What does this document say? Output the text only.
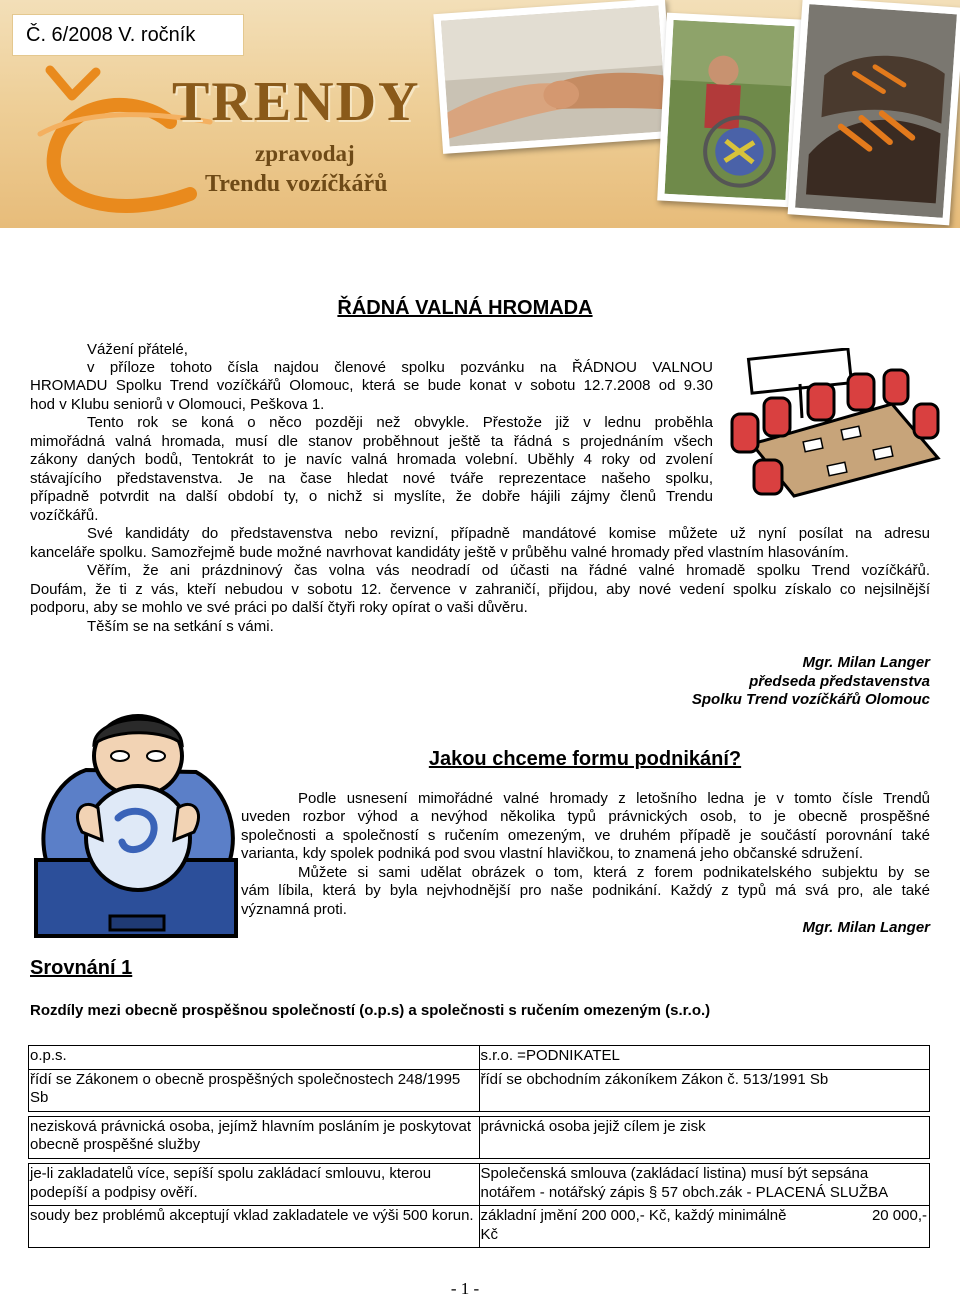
TRENDY
zpravodaj
Trendu vozíčkářů
Č. 6/2008 V. ročník
ŘÁDNÁ VALNÁ HROMADA
Vážení přátelé,
v příloze tohoto čísla najdou členové spolku pozvánku na ŘÁDNOU VALNOU
HROMADU Spolku Trend vozíčkářů Olomouc, která se bude konat v sobotu 12.7.2008 od 9.30
hod v Klubu seniorů v Olomouci, Peškova 1.
Tento rok se koná o něco později než obvykle. Přestože již v lednu proběhla
mimořádná valná hromada, musí dle stanov proběhnout ještě ta řádná s projednáním všech
zákony daných bodů, Tentokrát to je navíc valná hromada volební. Uběhly 4 roky od zvolení
stávajícího představenstva. Je na čase hledat nové tváře reprezentace našeho spolku,
případně potvrdit na další období ty, o nichž si myslíte, že dobře hájili zájmy členů Trendu
vozíčkářů.
Své kandidáty do představenstva nebo revizní, případně mandátové komise můžete už nyní posílat na adresu
kanceláře spolku. Samozřejmě bude možné navrhovat kandidáty ještě v průběhu valné hromady před vlastním hlasováním.
Věřím, že ani prázdninový čas volna vás neodradí od účasti na řádné valné hromadě spolku Trend vozíčkářů.
Doufám, že ti z vás, kteří nebudou v sobotu 12. července v zahraničí, přijdou, aby nové vedení spolku získalo co nejsilnější
podporu, aby se mohlo ve své práci po další čtyři roky opírat o vaši důvěru.
Těším se na setkání s vámi.
Mgr. Milan Langer
předseda představenstva
Spolku Trend vozíčkářů Olomouc
Jakou chceme formu podnikání?
Podle usnesení mimořádné valné hromady z letošního ledna je v tomto čísle Trendů
uveden rozbor výhod a nevýhod několika typů právnických osob, to je obecně prospěšné
společnosti a společností s ručením omezeným, ve druhém případě je součástí porovnání také
varianta, kdy spolek podniká pod svou vlastní hlavičkou, to znamená jeho občanské sdružení.
Můžete si sami udělat obrázek o tom, která z forem podnikatelského subjektu by se
vám líbila, která by byla nejvhodnější pro naše podnikání. Každý z typů má svá pro, ale také
významná proti.
Mgr. Milan Langer
Srovnání 1
Rozdíly mezi obecně prospěšnou společností (o.p.s) a společnosti s ručením omezeným (s.r.o.)
o.p.s.	s.r.o. =PODNIKATEL
řídí se Zákonem o obecně prospěšných společnostech 248/1995 Sb	řídí se obchodním zákoníkem Zákon č. 513/1991 Sb

nezisková právnická osoba, jejímž hlavním posláním je poskytovat obecně prospěšné služby	právnická osoba jejiž cílem je zisk

je-li zakladatelů více, sepíší spolu zakládací smlouvu, kterou podepíší a podpisy ověří.	Společenská smlouva (zakládací listina) musí být sepsána notářem - notářský zápis § 57 obch.zák - PLACENÁ SLUŽBA
soudy bez problémů akceptují vklad zakladatele ve výši 500 korun.	základní jmění 200 000,- Kč, každý minimálně 20 000,-
Kč
- 1 -
